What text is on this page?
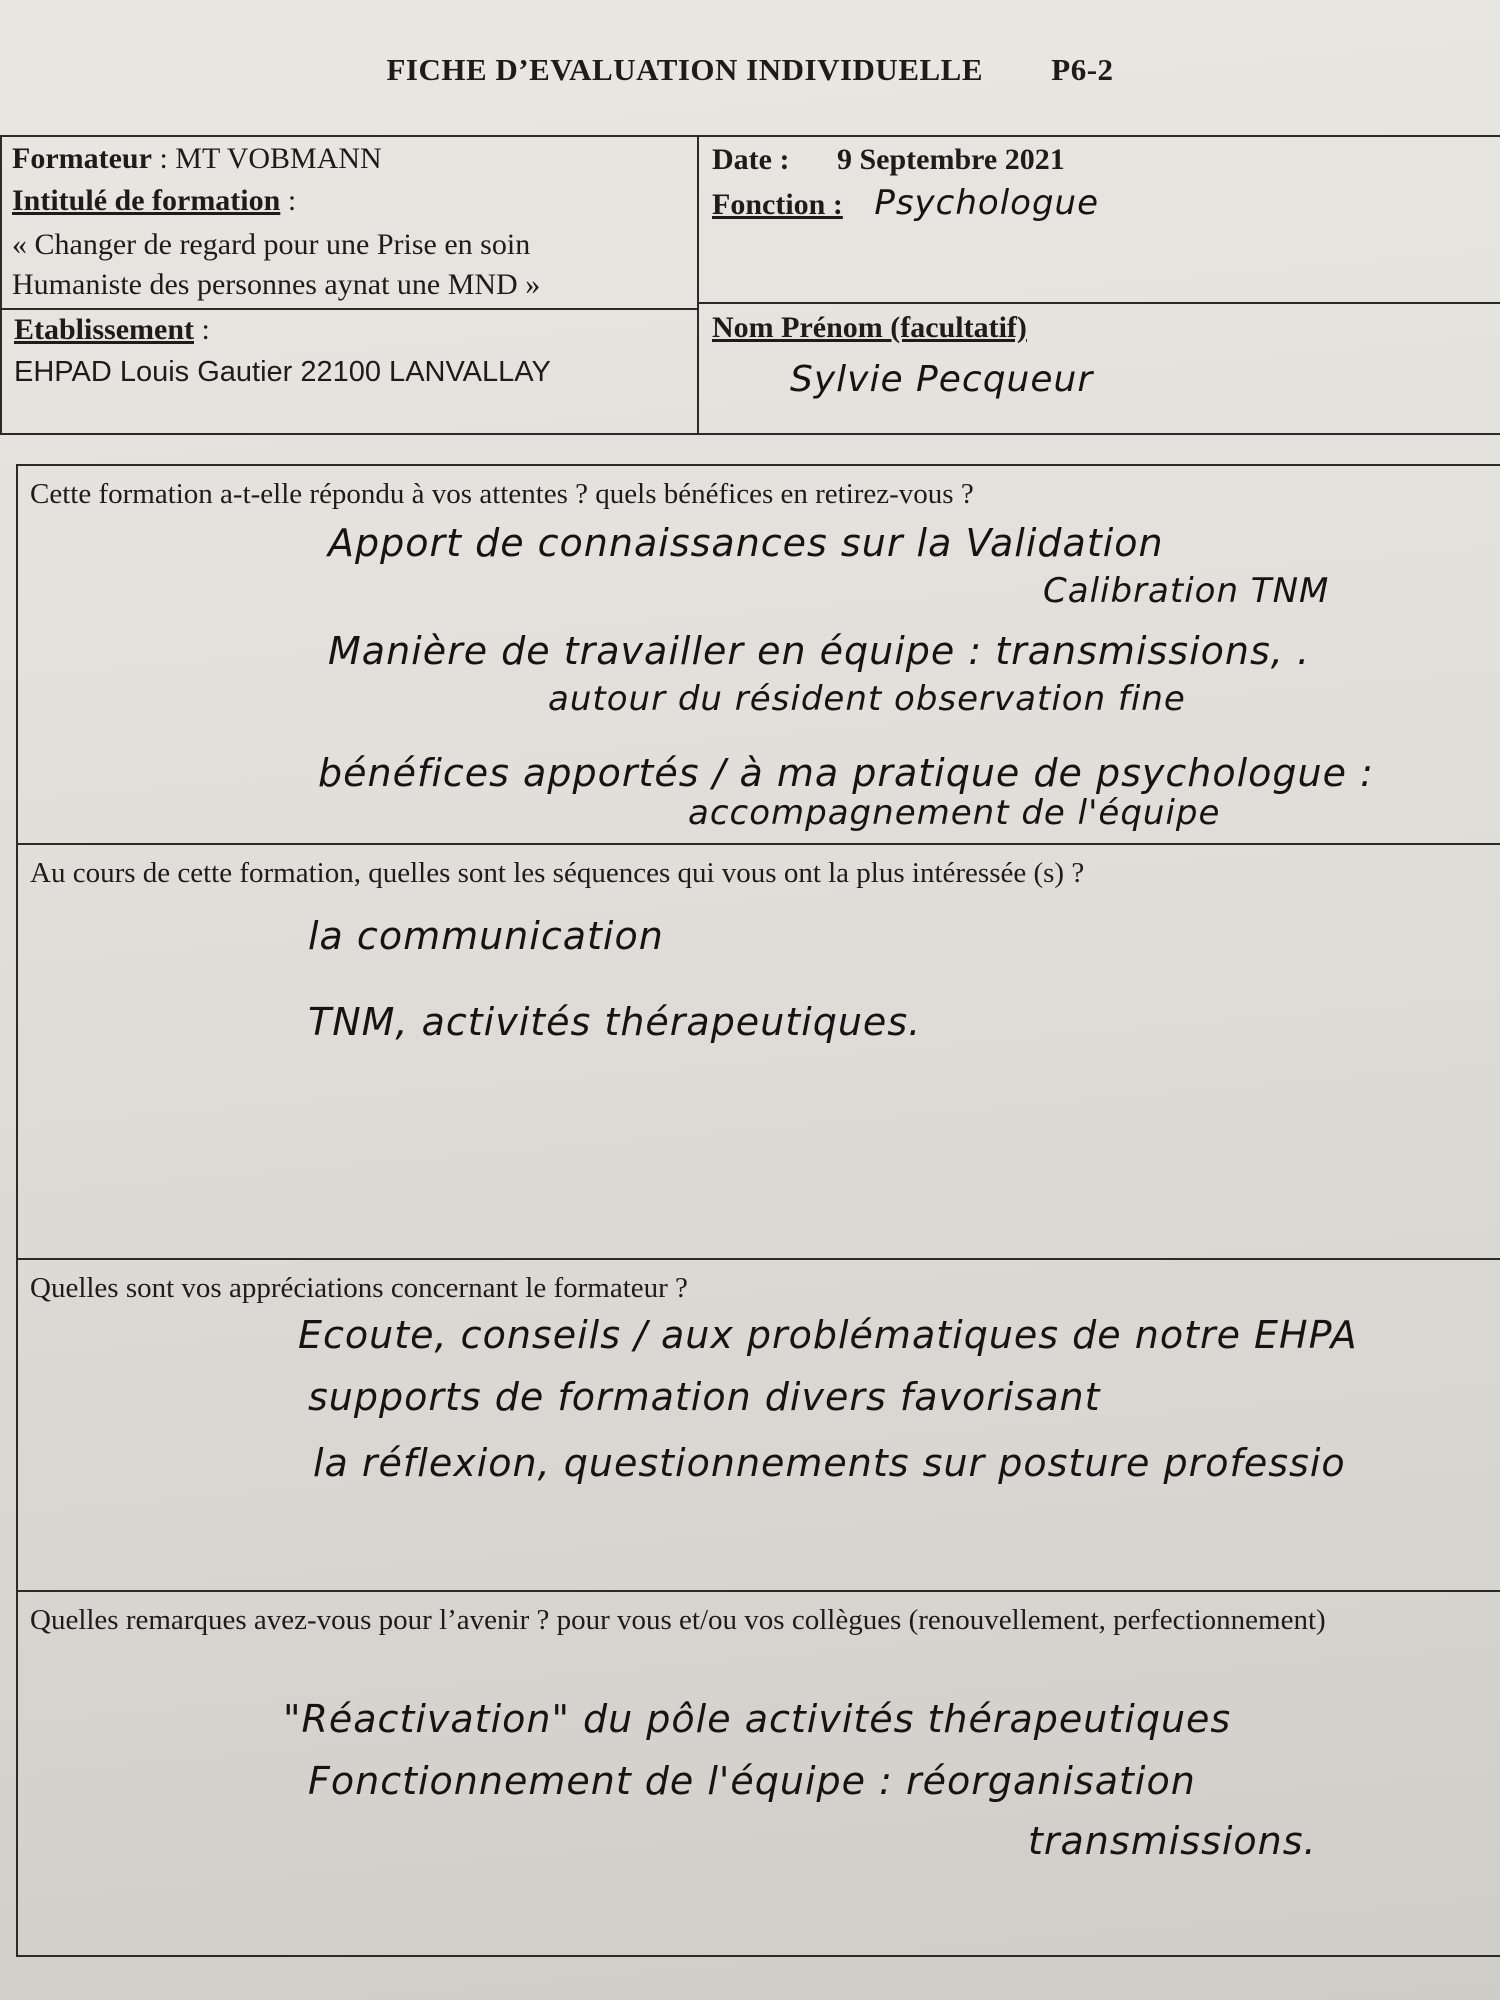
FICHE D’EVALUATION INDIVIDUELLE P6-2
Formateur : MT VOBMANN
Intitulé de formation :
« Changer de regard pour une Prise en soin
Humaniste des personnes aynat une MND »
Date : 9 Septembre 2021
Fonction : Psychologue
Etablissement :
EHPAD Louis Gautier 22100 LANVALLAY
Nom Prénom (facultatif)
Sylvie Pecqueur
Cette formation a-t-elle répondu à vos attentes ? quels bénéfices en retirez-vous ?
Apport de connaissances sur la Validation
Calibration TNM
Manière de travailler en équipe : transmissions, .
autour du résident observation fine
bénéfices apportés / à ma pratique de psychologue :
accompagnement de l'équipe
Au cours de cette formation, quelles sont les séquences qui vous ont la plus intéressée (s) ?
la communication
TNM, activités thérapeutiques.
Quelles sont vos appréciations concernant le formateur ?
Ecoute, conseils / aux problématiques de notre EHPA
supports de formation divers favorisant
la réflexion, questionnements sur posture professio
Quelles remarques avez-vous pour l’avenir ? pour vous et/ou vos collègues (renouvellement, perfectionnement)
"Réactivation" du pôle activités thérapeutiques
Fonctionnement de l'équipe : réorganisation
transmissions.
